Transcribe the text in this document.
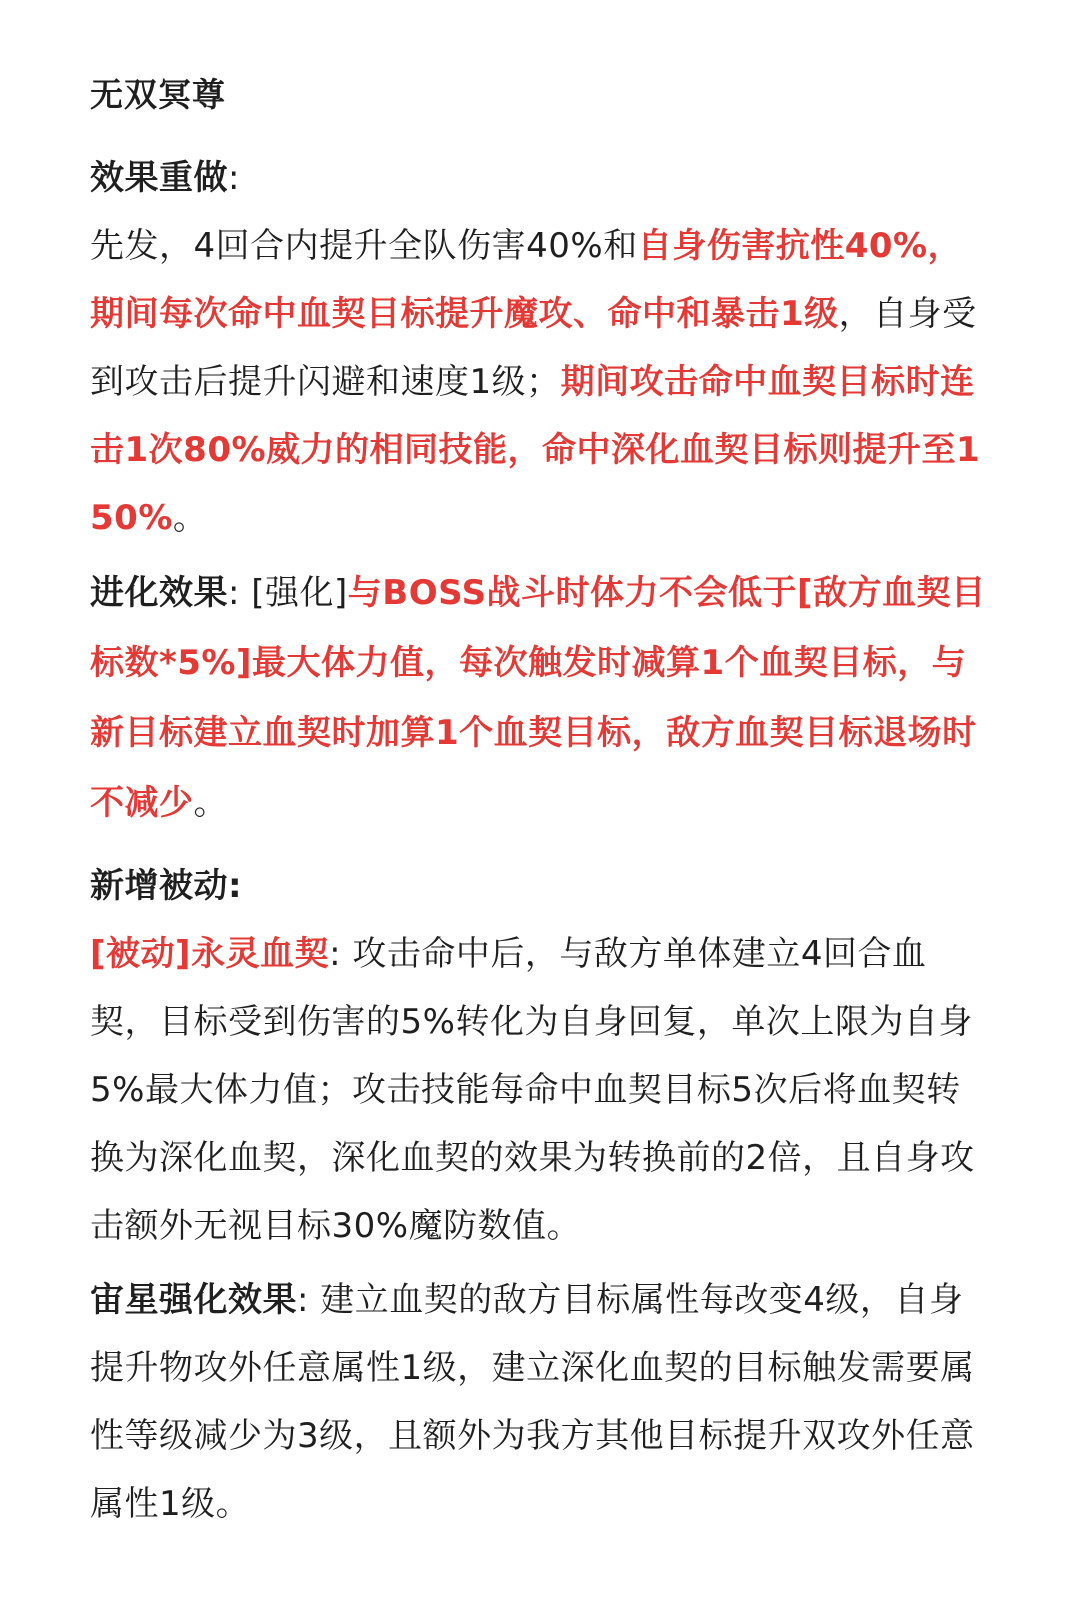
无双冥尊

效果重做:
先发，4回合内提升全队伤害40%和自身伤害抗性40%，期间每次命中血契目标提升魔攻、命中和暴击1级，自身受到攻击后提升闪避和速度1级；期间攻击命中血契目标时连击1次80%威力的相同技能，命中深化血契目标则提升至150%。

进化效果: [强化]与BOSS战斗时体力不会低于[敌方血契目标数*5%]最大体力值，每次触发时减算1个血契目标，与新目标建立血契时加算1个血契目标，敌方血契目标退场时不减少。

新增被动:
[被动]永灵血契: 攻击命中后，与敌方单体建立4回合血契，目标受到伤害的5%转化为自身回复，单次上限为自身5%最大体力值；攻击技能每命中血契目标5次后将血契转换为深化血契，深化血契的效果为转换前的2倍，且自身攻击额外无视目标30%魔防数值。

宙星强化效果: 建立血契的敌方目标属性每改变4级，自身提升物攻外任意属性1级，建立深化血契的目标触发需要属性等级减少为3级，且额外为我方其他目标提升双攻外任意属性1级。
